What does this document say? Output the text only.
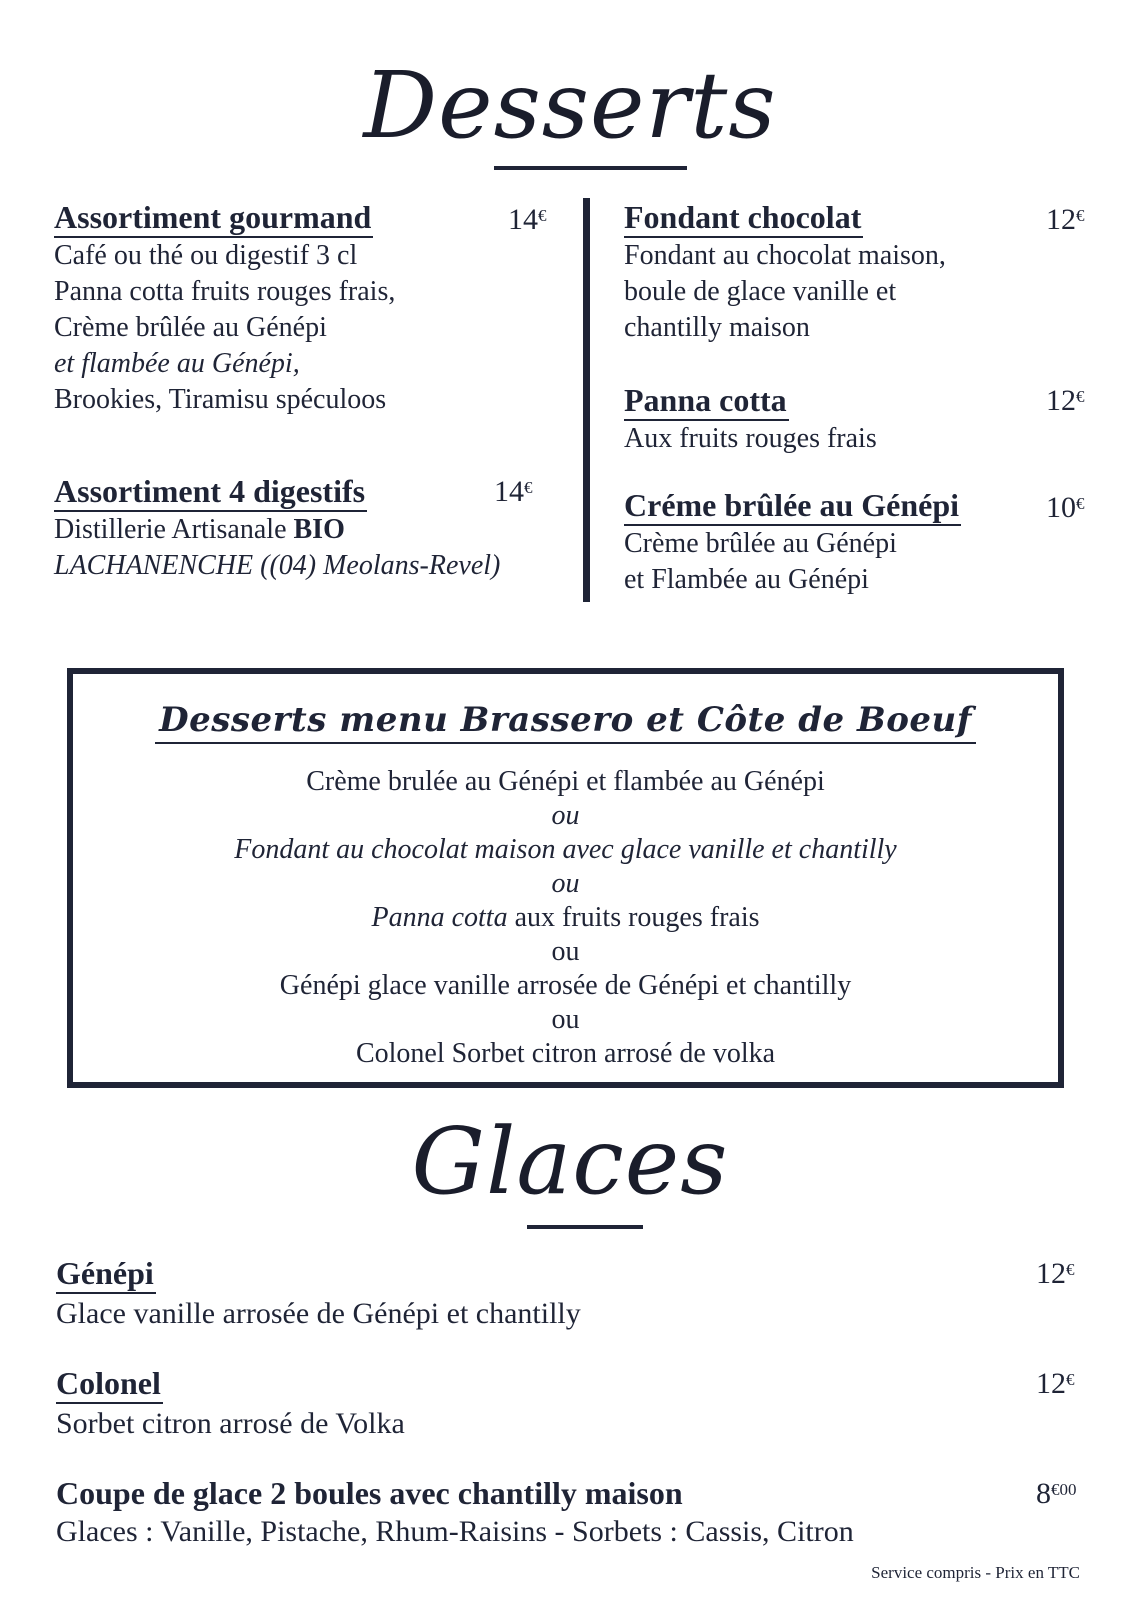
Desserts
Assortiment gourmand
Café ou thé ou digestif 3 cl
Panna cotta fruits rouges frais,
Crème brûlée au Génépi
et flambée au Génépi,
Brookies, Tiramisu spéculoos
14€
Assortiment 4 digestifs
Distillerie Artisanale BIO
LACHANENCHE ((04) Meolans-Revel)
14€
Fondant chocolat
Fondant au chocolat maison,
boule de glace vanille et
chantilly maison
12€
Panna cotta
Aux fruits rouges frais
12€
Créme brûlée au Génépi
Crème brûlée au Génépi
et Flambée au Génépi
10€
Desserts menu Brassero et Côte de Boeuf
Crème brulée au Génépi et flambée au Génépi
ou
Fondant au chocolat maison avec glace vanille et chantilly
ou
Panna cotta aux fruits rouges frais
ou
Génépi glace vanille arrosée de Génépi et chantilly
ou
Colonel Sorbet citron arrosé de volka
Glaces
Génépi
Glace vanille arrosée de Génépi et chantilly
12€
Colonel
Sorbet citron arrosé de Volka
12€
Coupe de glace 2 boules avec chantilly maison
Glaces : Vanille, Pistache, Rhum-Raisins - Sorbets : Cassis, Citron
$8^{€00}$
Service compris - Prix en TTC
